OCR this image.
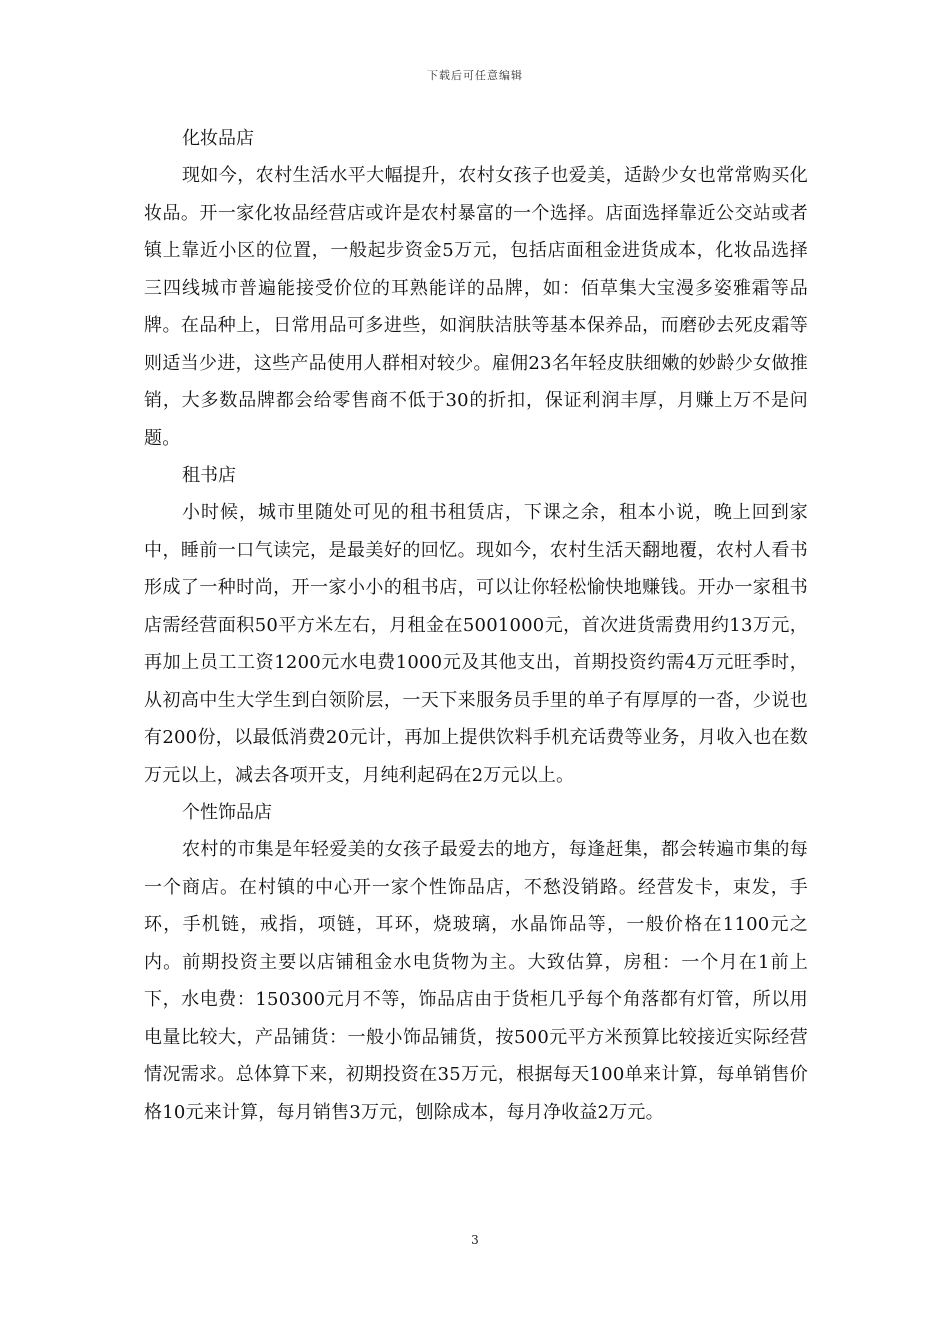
下载后可任意编辑
化妆品店

现如今，农村生活水平大幅提升，农村女孩子也爱美，适龄少女也常常购买化妆品。开一家化妆品经营店或许是农村暴富的一个选择。店面选择靠近公交站或者镇上靠近小区的位置，一般起步资金5万元，包括店面租金进货成本，化妆品选择三四线城市普遍能接受价位的耳熟能详的品牌，如：佰草集大宝漫多姿雅霜等品牌。在品种上，日常用品可多进些，如润肤洁肤等基本保养品，而磨砂去死皮霜等则适当少进，这些产品使用人群相对较少。雇佣23名年轻皮肤细嫩的妙龄少女做推销，大多数品牌都会给零售商不低于30的折扣，保证利润丰厚，月赚上万不是问题。

租书店

小时候，城市里随处可见的租书租赁店，下课之余，租本小说，晚上回到家中，睡前一口气读完，是最美好的回忆。现如今，农村生活天翻地覆，农村人看书形成了一种时尚，开一家小小的租书店，可以让你轻松愉快地赚钱。开办一家租书店需经营面积50平方米左右，月租金在5001000元，首次进货需费用约13万元，再加上员工工资1200元水电费1000元及其他支出，首期投资约需4万元旺季时，从初高中生大学生到白领阶层，一天下来服务员手里的单子有厚厚的一沓，少说也有200份，以最低消费20元计，再加上提供饮料手机充话费等业务，月收入也在数万元以上，减去各项开支，月纯利起码在2万元以上。

个性饰品店

农村的市集是年轻爱美的女孩子最爱去的地方，每逢赶集，都会转遍市集的每一个商店。在村镇的中心开一家个性饰品店，不愁没销路。经营发卡，束发，手环，手机链，戒指，项链，耳环，烧玻璃，水晶饰品等，一般价格在1100元之内。前期投资主要以店铺租金水电货物为主。大致估算，房租：一个月在1前上下，水电费：150300元月不等，饰品店由于货柜几乎每个角落都有灯管，所以用电量比较大，产品铺货：一般小饰品铺货，按500元平方米预算比较接近实际经营情况需求。总体算下来，初期投资在35万元，根据每天100单来计算，每单销售价格10元来计算，每月销售3万元，刨除成本，每月净收益2万元。

3
